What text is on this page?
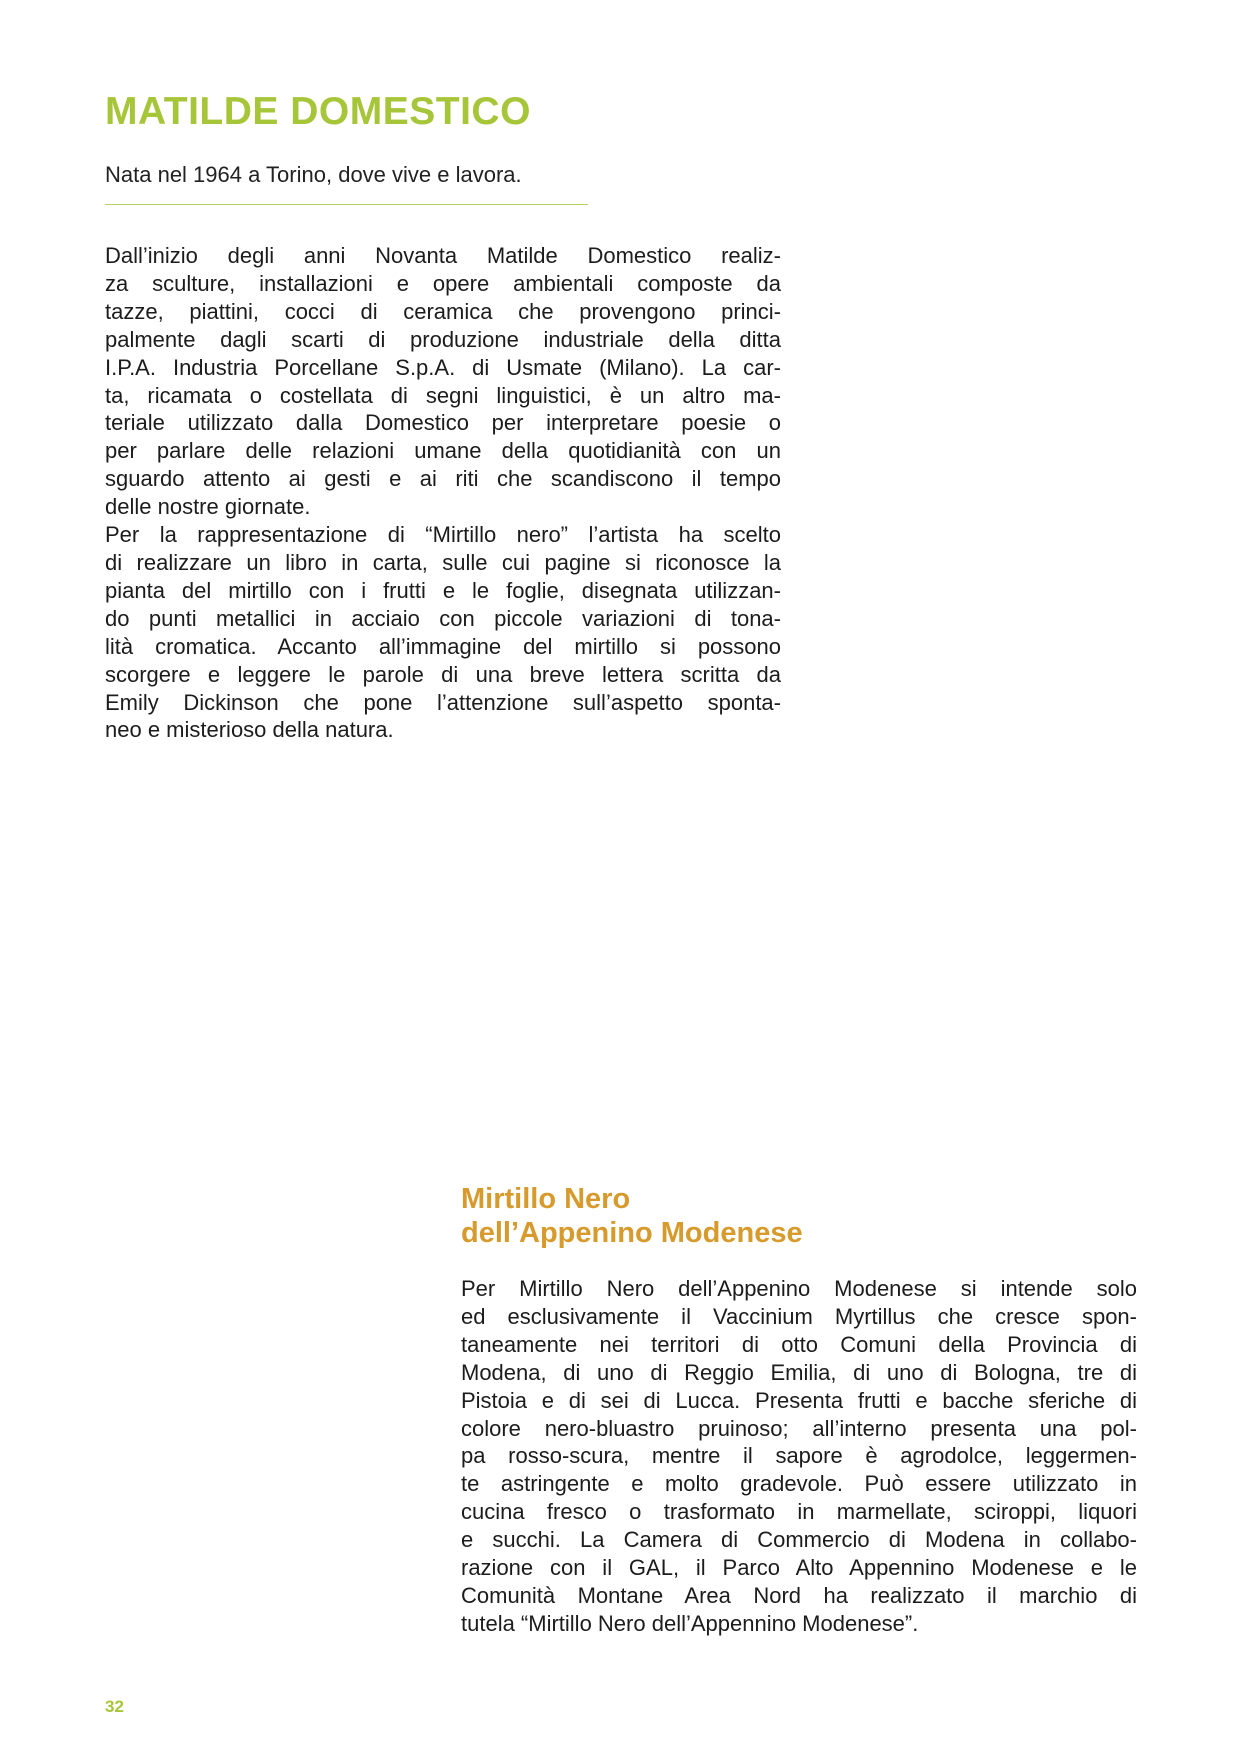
MATILDE DOMESTICO

Nata nel 1964 a Torino, dove vive e lavora.

Dall’inizio degli anni Novanta Matilde Domestico realiz-
za sculture, installazioni e opere ambientali composte da
tazze, piattini, cocci di ceramica che provengono princi-
palmente dagli scarti di produzione industriale della ditta
I.P.A. Industria Porcellane S.p.A. di Usmate (Milano). La car-
ta, ricamata o costellata di segni linguistici, è un altro ma-
teriale utilizzato dalla Domestico per interpretare poesie o
per parlare delle relazioni umane della quotidianità con un
sguardo attento ai gesti e ai riti che scandiscono il tempo
delle nostre giornate.
Per la rappresentazione di “Mirtillo nero” l’artista ha scelto
di realizzare un libro in carta, sulle cui pagine si riconosce la
pianta del mirtillo con i frutti e le foglie, disegnata utilizzan-
do punti metallici in acciaio con piccole variazioni di tona-
lità cromatica. Accanto all’immagine del mirtillo si possono
scorgere e leggere le parole di una breve lettera scritta da
Emily Dickinson che pone l’attenzione sull’aspetto sponta-
neo e misterioso della natura.
Mirtillo Nero
dell’Appenino Modenese
Per Mirtillo Nero dell’Appenino Modenese si intende solo
ed esclusivamente il Vaccinium Myrtillus che cresce spon-
taneamente nei territori di otto Comuni della Provincia di
Modena, di uno di Reggio Emilia, di uno di Bologna, tre di
Pistoia e di sei di Lucca. Presenta frutti e bacche sferiche di
colore nero-bluastro pruinoso; all’interno presenta una pol-
pa rosso-scura, mentre il sapore è agrodolce, leggermen-
te astringente e molto gradevole. Può essere utilizzato in
cucina fresco o trasformato in marmellate, sciroppi, liquori
e succhi. La Camera di Commercio di Modena in collabo-
razione con il GAL, il Parco Alto Appennino Modenese e le
Comunità Montane Area Nord ha realizzato il marchio di
tutela “Mirtillo Nero dell’Appennino Modenese”.
32
